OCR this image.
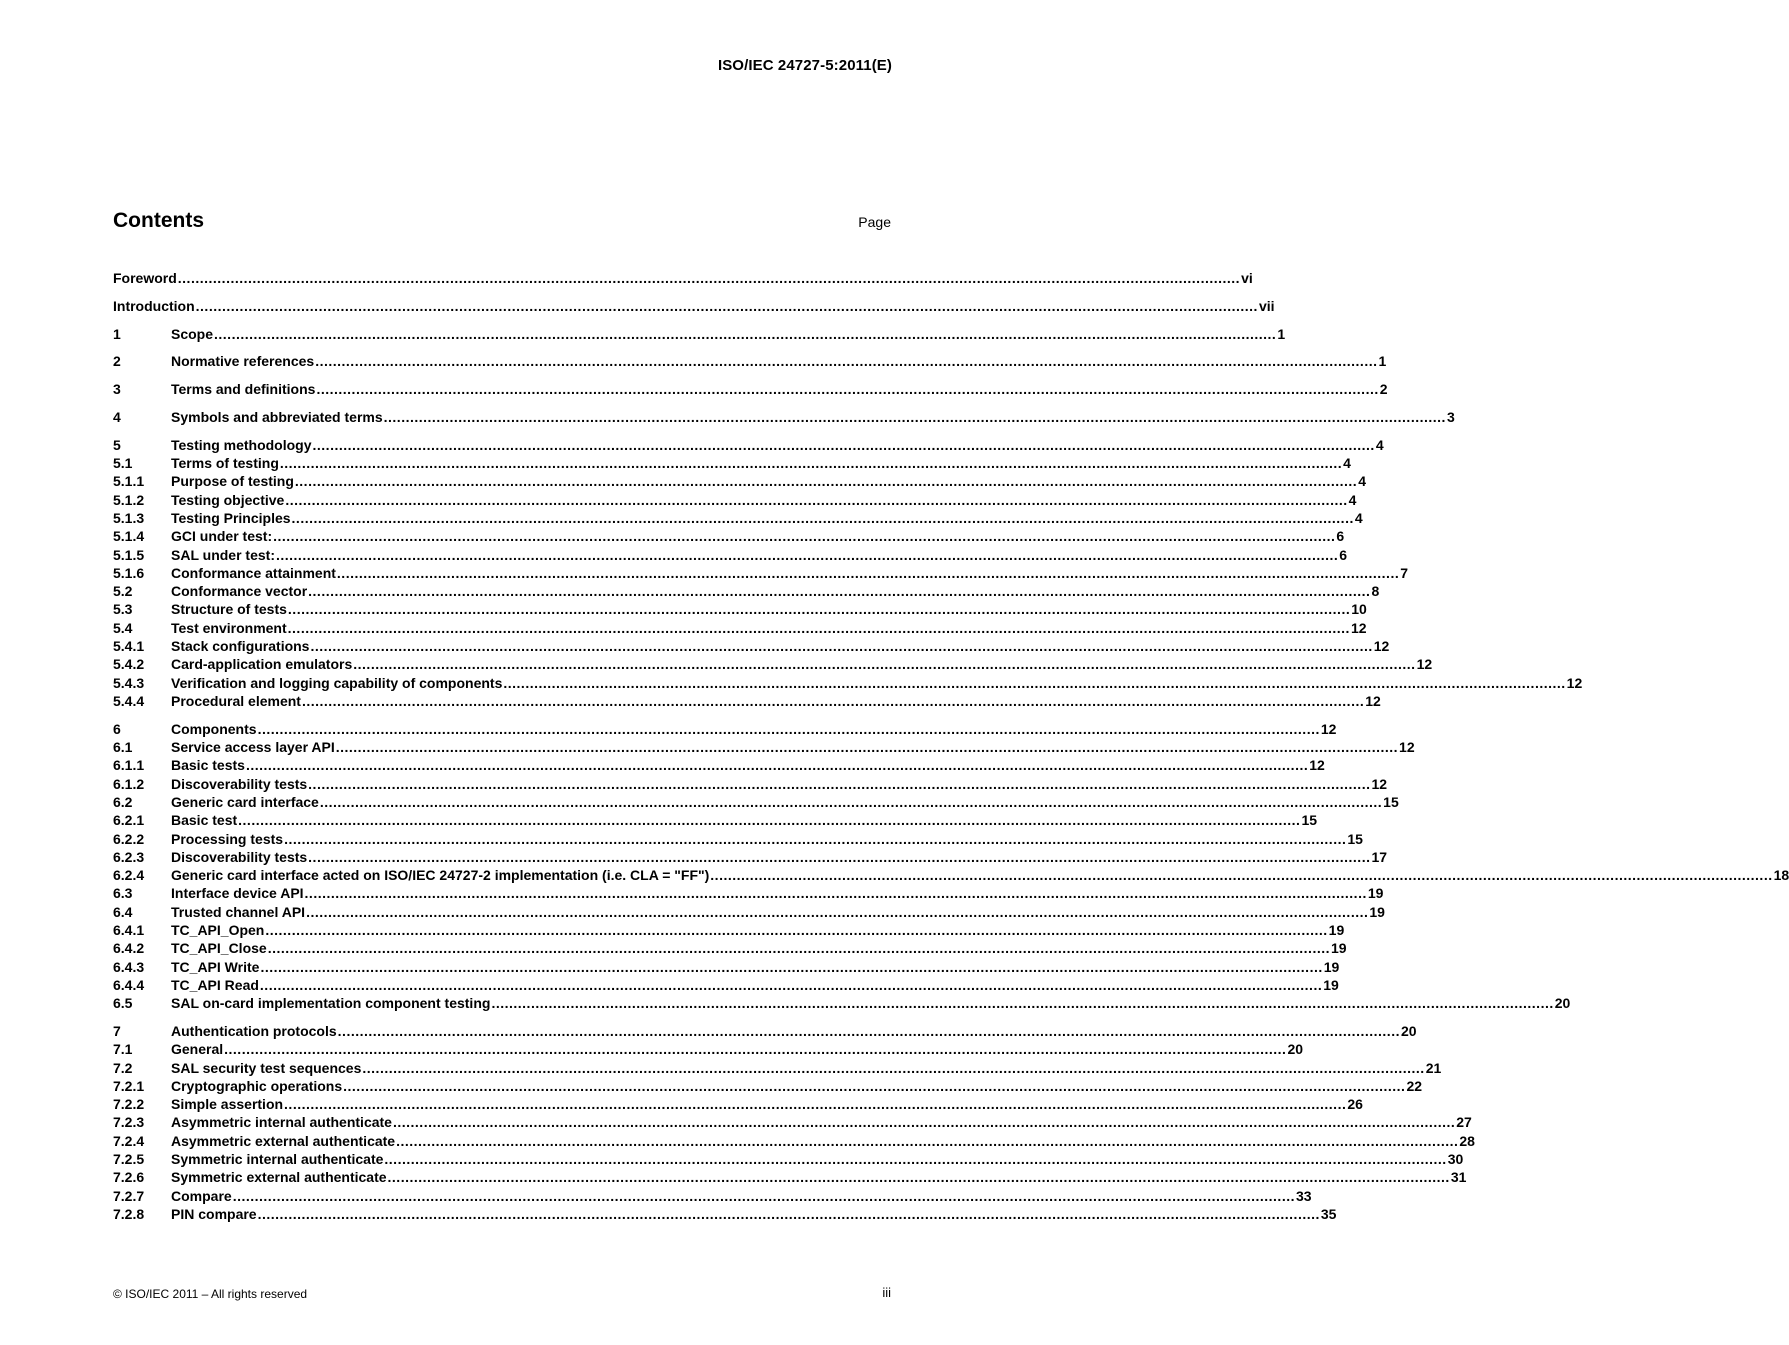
ISO/IEC 24727-5:2011(E)
Contents	Page
Foreword .....	vi
Introduction .....	vii
1	Scope .....	1
2	Normative references .....	1
3	Terms and definitions .....	2
4	Symbols and abbreviated terms .....	3
5	Testing methodology .....	4
5.1	Terms of testing .....	4
5.1.1	Purpose of testing .....	4
5.1.2	Testing objective .....	4
5.1.3	Testing Principles .....	4
5.1.4	GCI under test: .....	6
5.1.5	SAL under test: .....	6
5.1.6	Conformance attainment .....	7
5.2	Conformance vector .....	8
5.3	Structure of tests .....	10
5.4	Test environment .....	12
5.4.1	Stack configurations .....	12
5.4.2	Card-application emulators .....	12
5.4.3	Verification and logging capability of components .....	12
5.4.4	Procedural element .....	12
6	Components .....	12
6.1	Service access layer API .....	12
6.1.1	Basic tests .....	12
6.1.2	Discoverability tests .....	12
6.2	Generic card interface .....	15
6.2.1	Basic test .....	15
6.2.2	Processing tests .....	15
6.2.3	Discoverability tests .....	17
6.2.4	Generic card interface acted on ISO/IEC 24727-2 implementation (i.e. CLA = "FF") .....	18
6.3	Interface device API .....	19
6.4	Trusted channel API .....	19
6.4.1	TC_API_Open .....	19
6.4.2	TC_API_Close .....	19
6.4.3	TC_API Write .....	19
6.4.4	TC_API Read .....	19
6.5	SAL on-card implementation component testing .....	20
7	Authentication protocols .....	20
7.1	General .....	20
7.2	SAL security test sequences .....	21
7.2.1	Cryptographic operations .....	22
7.2.2	Simple assertion .....	26
7.2.3	Asymmetric internal authenticate .....	27
7.2.4	Asymmetric external authenticate .....	28
7.2.5	Symmetric internal authenticate .....	30
7.2.6	Symmetric external authenticate .....	31
7.2.7	Compare .....	33
7.2.8	PIN compare .....	35
© ISO/IEC 2011 – All rights reserved	iii
